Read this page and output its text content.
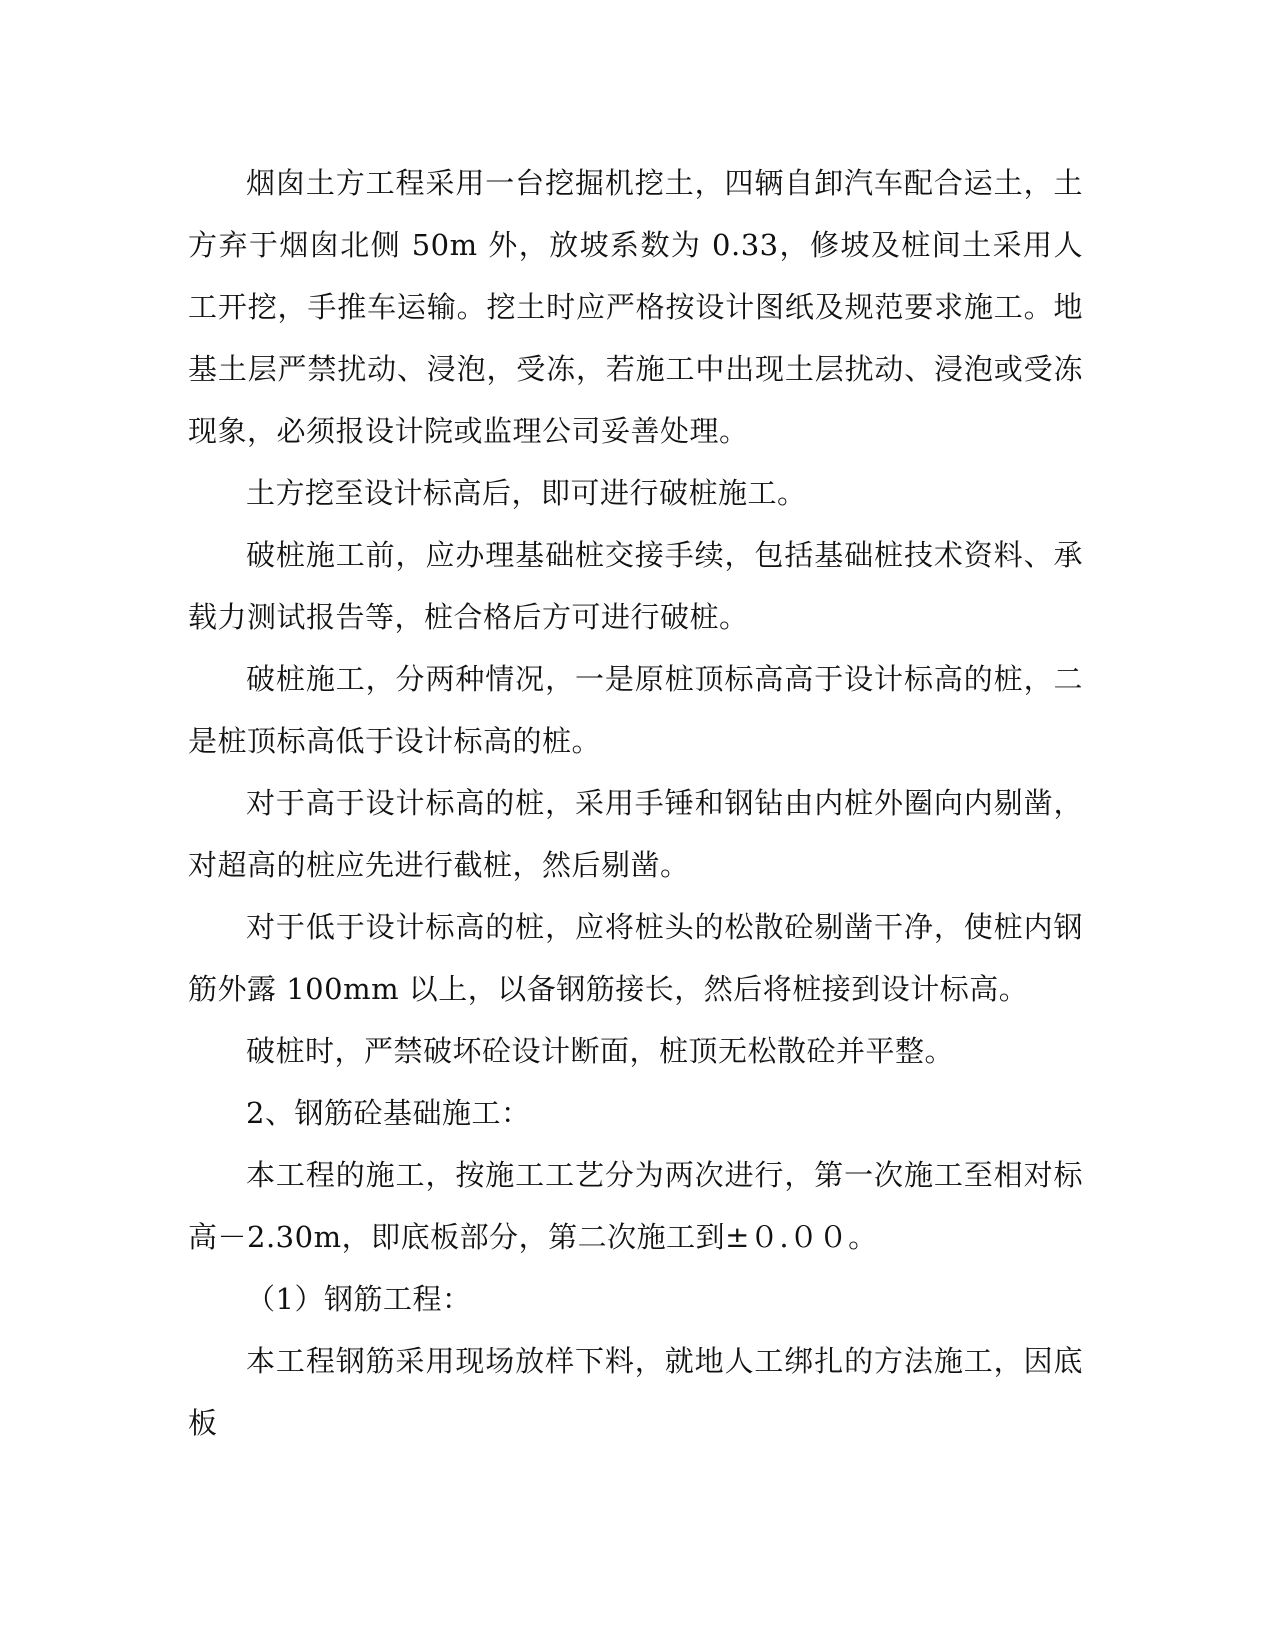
烟囱土方工程采用一台挖掘机挖土，四辆自卸汽车配合运土，土方弃于烟囱北侧 50m 外，放坡系数为 0.33，修坡及桩间土采用人工开挖，手推车运输。挖土时应严格按设计图纸及规范要求施工。地基土层严禁扰动、浸泡，受冻，若施工中出现土层扰动、浸泡或受冻现象，必须报设计院或监理公司妥善处理。

土方挖至设计标高后，即可进行破桩施工。

破桩施工前，应办理基础桩交接手续，包括基础桩技术资料、承载力测试报告等，桩合格后方可进行破桩。

破桩施工，分两种情况，一是原桩顶标高高于设计标高的桩，二是桩顶标高低于设计标高的桩。

对于高于设计标高的桩，采用手锤和钢钻由内桩外圈向内剔凿，对超高的桩应先进行截桩，然后剔凿。

对于低于设计标高的桩，应将桩头的松散砼剔凿干净，使桩内钢筋外露 100mm 以上，以备钢筋接长，然后将桩接到设计标高。

破桩时，严禁破坏砼设计断面，桩顶无松散砼并平整。

2、钢筋砼基础施工：

本工程的施工，按施工工艺分为两次进行，第一次施工至相对标高－2.30m，即底板部分，第二次施工到±０.００。

（1）钢筋工程：

本工程钢筋采用现场放样下料，就地人工绑扎的方法施工，因底板
